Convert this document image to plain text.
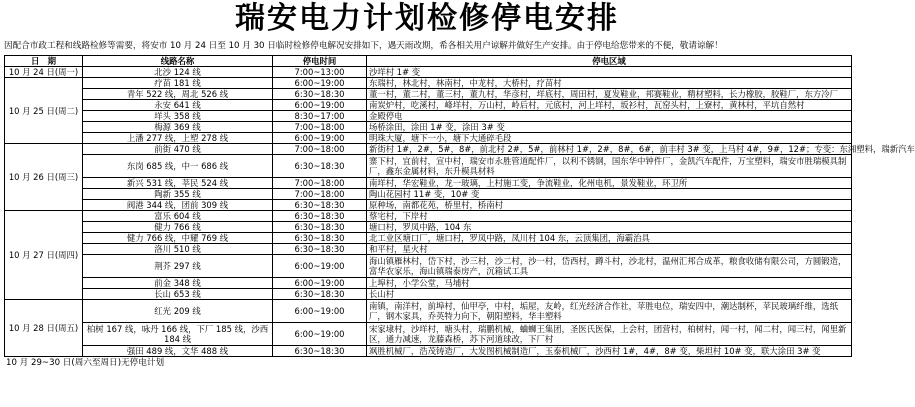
瑞安电力计划检修停电安排
因配合市政工程和线路检修等需要，将安市 10 月 24 日至 10 月 30 日临时检修停电解况安排如下，遇天雨改期，希各相关用户谅解并做好生产安排。由于停电给您带来的不便，敬请谅解！
日　期	线路名称	停电时间	停电区域
10 月 24 日(周一)	北沙 124 线	7:00~13:00	沙垟村 1# 变
10 月 25 日(周二)	疗苗 181 线	6:00~19:00	东瑞村，林北村，林南村，中龙村，大桥村，疗苗村
	青年 522 线，周北 526 线	6:30~18:30	董一村，董二村，董三村，董九村，华彦村，垟底村，周田村，夏发鞋业，邦赛鞋业，精材塑料，长力橡胶，胶鞋厂，东方冷厂
	永安 641 线	6:00~19:00	南炭炉村，吃溪村，峰垟村，万山村，岭后村，元底村，河上垟村，坂衫村，瓦窑头村，上寮村，黄林村，平坑自然村
	垟头 358 线	8:30~17:00	金殿停电
	梅源 369 线	7:00~18:00	场桥涂田，涂田 1# 变，涂田 3# 变
	上潘 277 线，上塑 278 线	6:00~19:00	明珠大厦，塘下一小，塘下大通碎毛段
10 月 26 日(周三)	前街 470 线	7:00~18:00	新街村 1#，2#，5#，8#，前北村 2#，5#，前林村 1#，2#，8#，6#，前丰村 3# 变，上马村 4#，9#，12#；专变：东湘塑料，瑞新汽车
	东岗 685 线，中一 686 线	6:30~18:30	寨下村，宜前村，宣中村，瑞安市永胜管道配件厂，以利不锈钢，国东华中钟件厂，金凯汽车配件，万宝塑料，瑞安市胜瑞模具制厂，鑫东金属材料，东升模具材料
	新兴 531 线，莘民 524 线	7:00~18:00	南垟村，华宏鞋业，龙一玻璃，上村施工变，争流鞋业，化州电机，景发鞋业，环卫所
	陶新 355 线	7:00~18:00	陶山花园村 11# 变，10# 变
	阀港 344 线，团前 309 线	6:30~18:30	原种场，南都花苑，桥里村，桥南村
10 月 27 日(周四)	富乐 604 线	6:30~18:30	蔡宅村，下岸村
	健力 766 线	6:30~18:30	塘口村，罗凤中路，104 东
	健力 766 线，中耀 769 线	6:30~18:30	北工业区塘口厂，塘口村，罗凤中路，凤川村 104 东，云顶集团，海霸治具
	洛川 510 线	6:30~18:30	和平村，星火村
	荆芥 297 线	6:00~19:00	海山镇雁林村，岱下村，沙三村，沙二村，沙一村，岱西村，蹲斗村，沙北村，温州汇邦合成革，粮食收储有限公司，方圆锻造，富华农家乐，海山镇瑞泰房产，沉箱试工具
	前金 348 线	6:00~19:00	上埠村，小学公堂，马埔村
	长山 653 线	6:30~18:30	长山村
10 月 28 日(周五)	红光 209 线	6:00~19:00	南镇，南洋村，前埠村，仙甲亭，中村，垢屋，友岭，红光经济合作社，苹胜电位，瑞安四中，潮达制杯，苹民玻璃纤维，选纸厂，钢木家具，乔英特力向下，朝阳塑料，华丰塑料
	柏树 167 线，咏丹 166 线，下厂 185 线，沙西 184 线	6:00~19:00	宋家埭村，沙垟村，塘头村，瑞鹏机械，蛐蛳王集团，圣医氏医保，上会村，团营村，柏树村，闻一村，闻二村，闻三村，闻里新区，通力减速，龙藤森桥，苏下河道球改，下厂村
	强田 489 线，文华 488 线	6:30~18:30	飒胜机械厂，浩茂铸造厂，大发图机械制造厂，玉泰机械厂，沙西村 1#，4#，8# 变，柴坦村 10# 变，联大涂田 3# 变
10 月 29~30 日(周六至周日)无停电计划
